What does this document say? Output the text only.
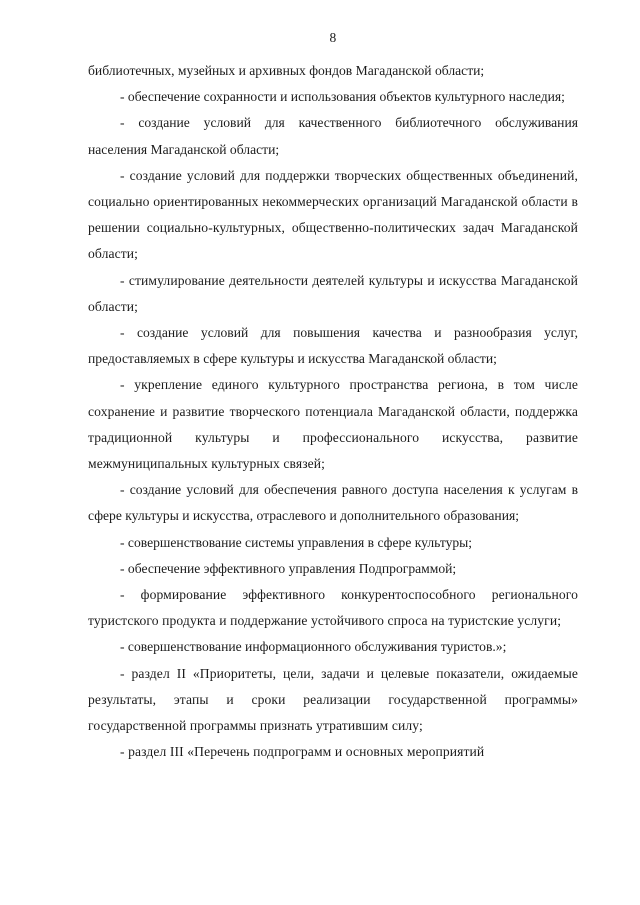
8

библиотечных, музейных и архивных фондов Магаданской области;

- обеспечение сохранности и использования объектов культурного наследия;

- создание условий для качественного библиотечного обслуживания населения Магаданской области;

- создание условий для поддержки творческих общественных объединений, социально ориентированных некоммерческих организаций Магаданской области в решении социально-культурных, общественно-политических задач Магаданской области;

- стимулирование деятельности деятелей культуры и искусства Магаданской области;

- создание условий для повышения качества и разнообразия услуг, предоставляемых в сфере культуры и искусства Магаданской области;

- укрепление единого культурного пространства региона, в том числе сохранение и развитие творческого потенциала Магаданской области, поддержка традиционной культуры и профессионального искусства, развитие межмуниципальных культурных связей;

- создание условий для обеспечения равного доступа населения к услугам в сфере культуры и искусства, отраслевого и дополнительного образования;

- совершенствование системы управления в сфере культуры;

- обеспечение эффективного управления Подпрограммой;

- формирование эффективного конкурентоспособного регионального туристского продукта и поддержание устойчивого спроса на туристские услуги;

- совершенствование информационного обслуживания туристов.»;

- раздел II «Приоритеты, цели, задачи и целевые показатели, ожидаемые результаты, этапы и сроки реализации государственной программы» государственной программы признать утратившим силу;

- раздел III «Перечень подпрограмм и основных мероприятий
